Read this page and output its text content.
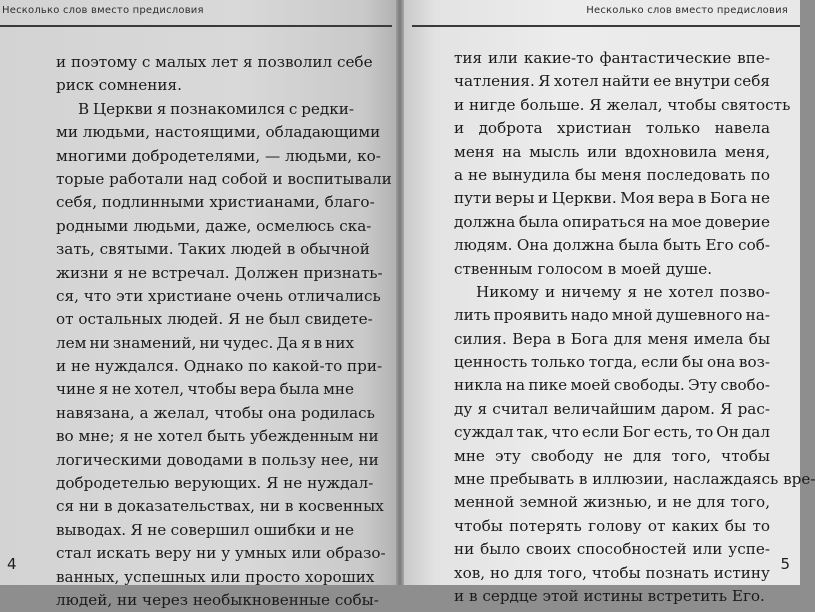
Несколько слов вместо предисловия
и поэтому с малых лет я позволил себе
риск сомнения.
В Церкви я познакомился с редки-
ми людьми, настоящими, обладающими
многими добродетелями, — людьми, ко-
торые работали над собой и воспитывали
себя, подлинными христианами, благо-
родными людьми, даже, осмелюсь ска-
зать, святыми. Таких людей в обычной
жизни я не встречал. Должен признать-
ся, что эти христиане очень отличались
от остальных людей. Я не был свидете-
лем ни знамений, ни чудес. Да я в них
и не нуждался. Однако по какой-то при-
чине я не хотел, чтобы вера была мне
навязана, а желал, чтобы она родилась
во мне; я не хотел быть убежденным ни
логическими доводами в пользу нее, ни
добродетелью верующих. Я не нуждал-
ся ни в доказательствах, ни в косвенных
выводах. Я не совершил ошибки и не
стал искать веру ни у умных или образо-
ванных, успешных или просто хороших
людей, ни через необыкновенные собы-
4
Несколько слов вместо предисловия
тия или какие-то фантастические впе-
чатления. Я хотел найти ее внутри себя
и нигде больше. Я желал, чтобы святость
и доброта христиан только навела
меня на мысль или вдохновила меня,
а не вынудила бы меня последовать по
пути веры и Церкви. Моя вера в Бога не
должна была опираться на мое доверие
людям. Она должна была быть Его соб-
ственным голосом в моей душе.
Никому и ничему я не хотел позво-
лить проявить надо мной душевного на-
силия. Вера в Бога для меня имела бы
ценность только тогда, если бы она воз-
никла на пике моей свободы. Эту свобо-
ду я считал величайшим даром. Я рас-
суждал так, что если Бог есть, то Он дал
мне эту свободу не для того, чтобы
мне пребывать в иллюзии, наслаждаясь вре-
менной земной жизнью, и не для того,
чтобы потерять голову от каких бы то
ни было своих способностей или успе-
хов, но для того, чтобы познать истину
и в сердце этой истины встретить Его.
5
